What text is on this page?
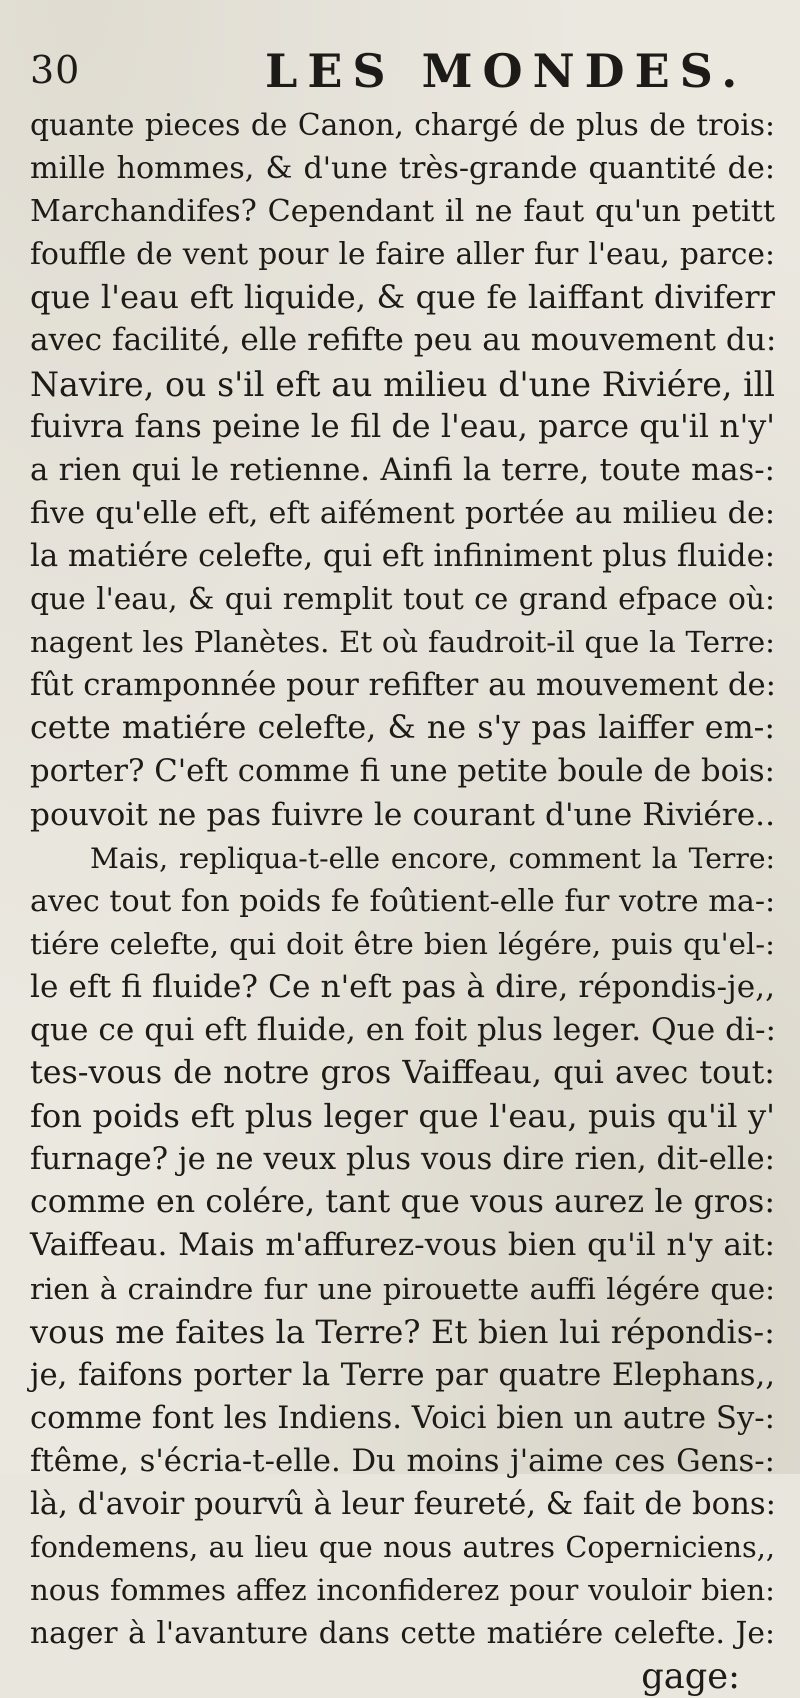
30	LES MONDES.
quante pieces de Canon, chargé de plus de trois:
mille hommes, & d'une très-grande quantité de:
Marchandifes? Cependant il ne faut qu'un petitt
fouffle de vent pour le faire aller fur l'eau, parce:
que l'eau eft liquide, & que fe laiffant diviferr
avec facilité, elle refifte peu au mouvement du:
Navire, ou s'il eft au milieu d'une Riviére, ill
fuivra fans peine le fil de l'eau, parce qu'il n'y'
a rien qui le retienne. Ainfi la terre, toute mas-:
five qu'elle eft, eft aifément portée au milieu de:
la matiére celefte, qui eft infiniment plus fluide:
que l'eau, & qui remplit tout ce grand efpace où:
nagent les Planètes. Et où faudroit-il que la Terre:
fût cramponnée pour refifter au mouvement de:
cette matiére celefte, & ne s'y pas laiffer em-:
porter? C'eft comme fi une petite boule de bois:
pouvoit ne pas fuivre le courant d'une Riviére..
Mais, repliqua-t-elle encore, comment la Terre:
avec tout fon poids fe foûtient-elle fur votre ma-:
tiére celefte, qui doit être bien légére, puis qu'el-:
le eft fi fluide? Ce n'eft pas à dire, répondis-je,,
que ce qui eft fluide, en foit plus leger. Que di-:
tes-vous de notre gros Vaiffeau, qui avec tout:
fon poids eft plus leger que l'eau, puis qu'il y'
furnage? je ne veux plus vous dire rien, dit-elle:
comme en colére, tant que vous aurez le gros:
Vaiffeau. Mais m'affurez-vous bien qu'il n'y ait:
rien à craindre fur une pirouette auffi légére que:
vous me faites la Terre? Et bien lui répondis-:
je, faifons porter la Terre par quatre Elephans,,
comme font les Indiens. Voici bien un autre Sy-:
ftême, s'écria-t-elle. Du moins j'aime ces Gens-:
là, d'avoir pourvû à leur feureté, & fait de bons:
fondemens, au lieu que nous autres Coperniciens,,
nous fommes affez inconfiderez pour vouloir bien:
nager à l'avanture dans cette matiére celefte. Je:
gage:
